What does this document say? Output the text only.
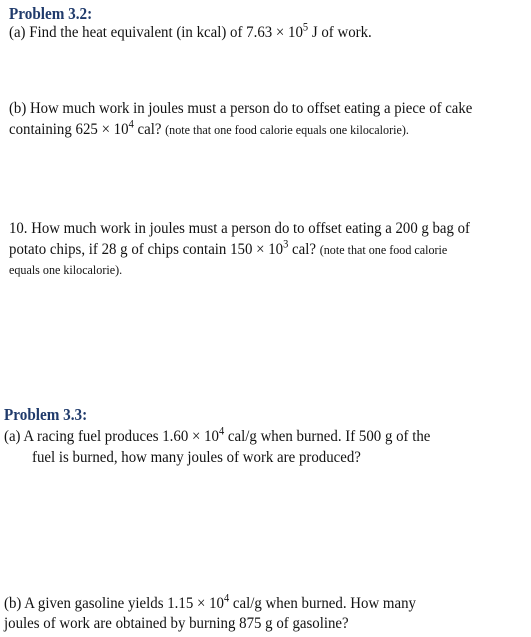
Problem 3.2:
(a) Find the heat equivalent (in kcal) of $7.63 \times 10^5$ J of work.
(b) How much work in joules must a person do to offset eating a piece of cake
containing $625 \times 10^4$ cal? (note that one food calorie equals one kilocalorie).
10. How much work in joules must a person do to offset eating a 200 g bag of
potato chips, if 28 g of chips contain $150 \times 10^3$ cal? (note that one food calorie
equals one kilocalorie).
Problem 3.3:
(a) A racing fuel produces $1.60 \times 10^4$ cal/g when burned. If 500 g of the
fuel is burned, how many joules of work are produced?
(b) A given gasoline yields $1.15 \times 10^4$ cal/g when burned. How many
joules of work are obtained by burning 875 g of gasoline?
